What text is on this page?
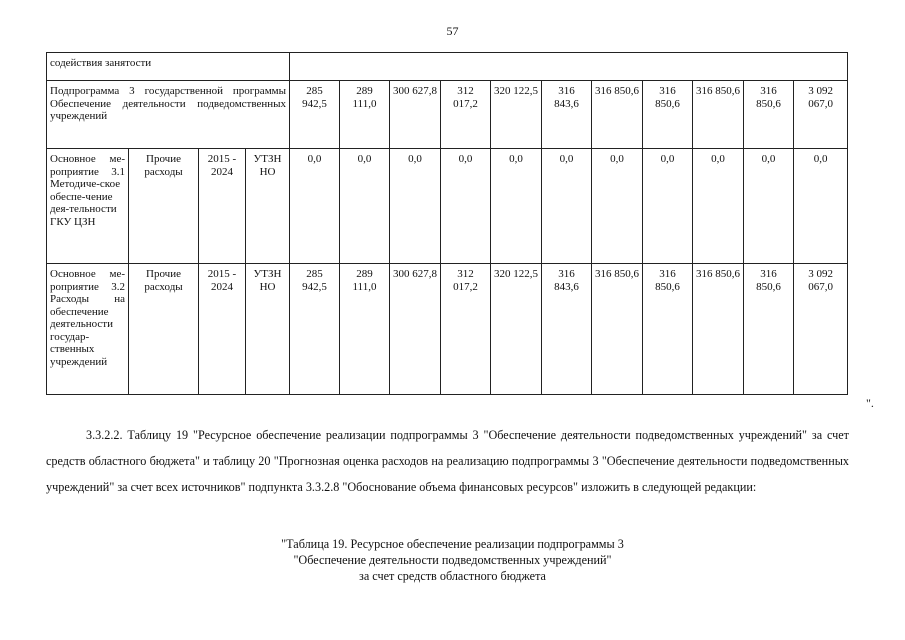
57
содействия занятости														
Подпрограмма 3 государственной программы Обеспечение деятельности подведомственных учреждений				285 942,5	289 111,0	300 627,8	312 017,2	320 122,5	316 843,6	316 850,6	316 850,6	316 850,6	316 850,6	3 092 067,0
Основное ме-роприятие 3.1 Методиче-ское обеспе-чение дея-тельности ГКУ ЦЗН	Прочие расходы	2015 - 2024	УТЗН НО	0,0	0,0	0,0	0,0	0,0	0,0	0,0	0,0	0,0	0,0	0,0
Основное ме-роприятие 3.2 Расходы на обеспечение деятельности государ-ственных учреждений	Прочие расходы	2015 - 2024	УТЗН НО	285 942,5	289 111,0	300 627,8	312 017,2	320 122,5	316 843,6	316 850,6	316 850,6	316 850,6	316 850,6	3 092 067,0
".
3.3.2.2. Таблицу 19 "Ресурсное обеспечение реализации подпрограммы 3 "Обеспечение деятельности подведомственных учреждений" за счет средств областного бюджета" и таблицу 20 "Прогнозная оценка расходов на реализацию подпрограммы 3 "Обеспечение деятельности подведомственных учреждений" за счет всех источников" подпункта 3.3.2.8 "Обоснование объема финансовых ресурсов" изложить в следующей редакции:
"Таблица 19. Ресурсное обеспечение реализации подпрограммы 3
"Обеспечение деятельности подведомственных учреждений"
за счет средств областного бюджета
